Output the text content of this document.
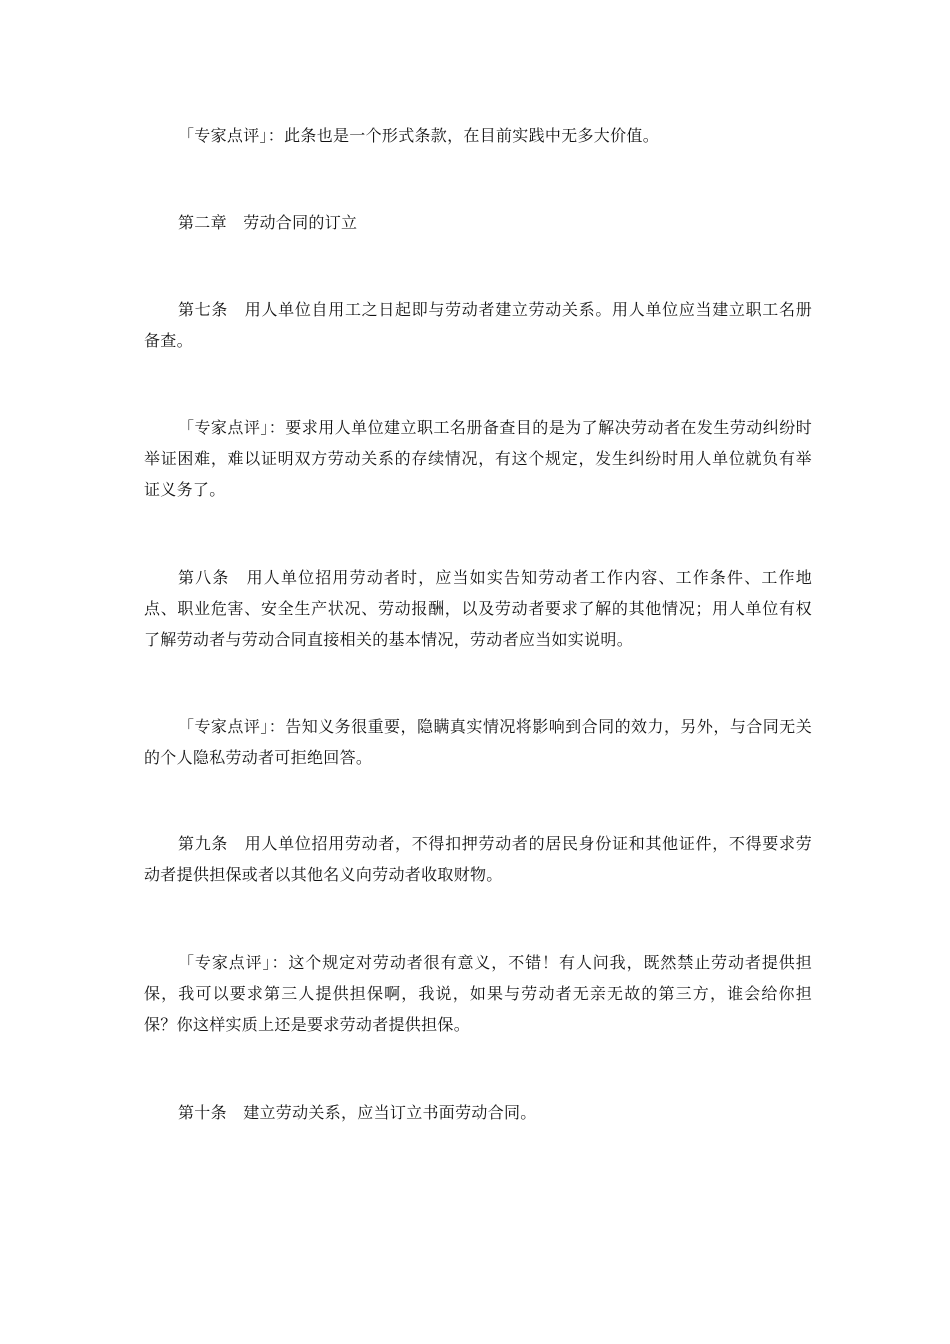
「专家点评」：此条也是一个形式条款，在目前实践中无多大价值。

第二章　劳动合同的订立

第七条　用人单位自用工之日起即与劳动者建立劳动关系。用人单位应当建立职工名册备查。

「专家点评」：要求用人单位建立职工名册备查目的是为了解决劳动者在发生劳动纠纷时举证困难，难以证明双方劳动关系的存续情况，有这个规定，发生纠纷时用人单位就负有举证义务了。

第八条　用人单位招用劳动者时，应当如实告知劳动者工作内容、工作条件、工作地点、职业危害、安全生产状况、劳动报酬，以及劳动者要求了解的其他情况；用人单位有权了解劳动者与劳动合同直接相关的基本情况，劳动者应当如实说明。

「专家点评」：告知义务很重要，隐瞒真实情况将影响到合同的效力，另外，与合同无关的个人隐私劳动者可拒绝回答。

第九条　用人单位招用劳动者，不得扣押劳动者的居民身份证和其他证件，不得要求劳动者提供担保或者以其他名义向劳动者收取财物。

「专家点评」：这个规定对劳动者很有意义，不错！有人问我，既然禁止劳动者提供担保，我可以要求第三人提供担保啊，我说，如果与劳动者无亲无故的第三方，谁会给你担保？你这样实质上还是要求劳动者提供担保。

第十条　建立劳动关系，应当订立书面劳动合同。
